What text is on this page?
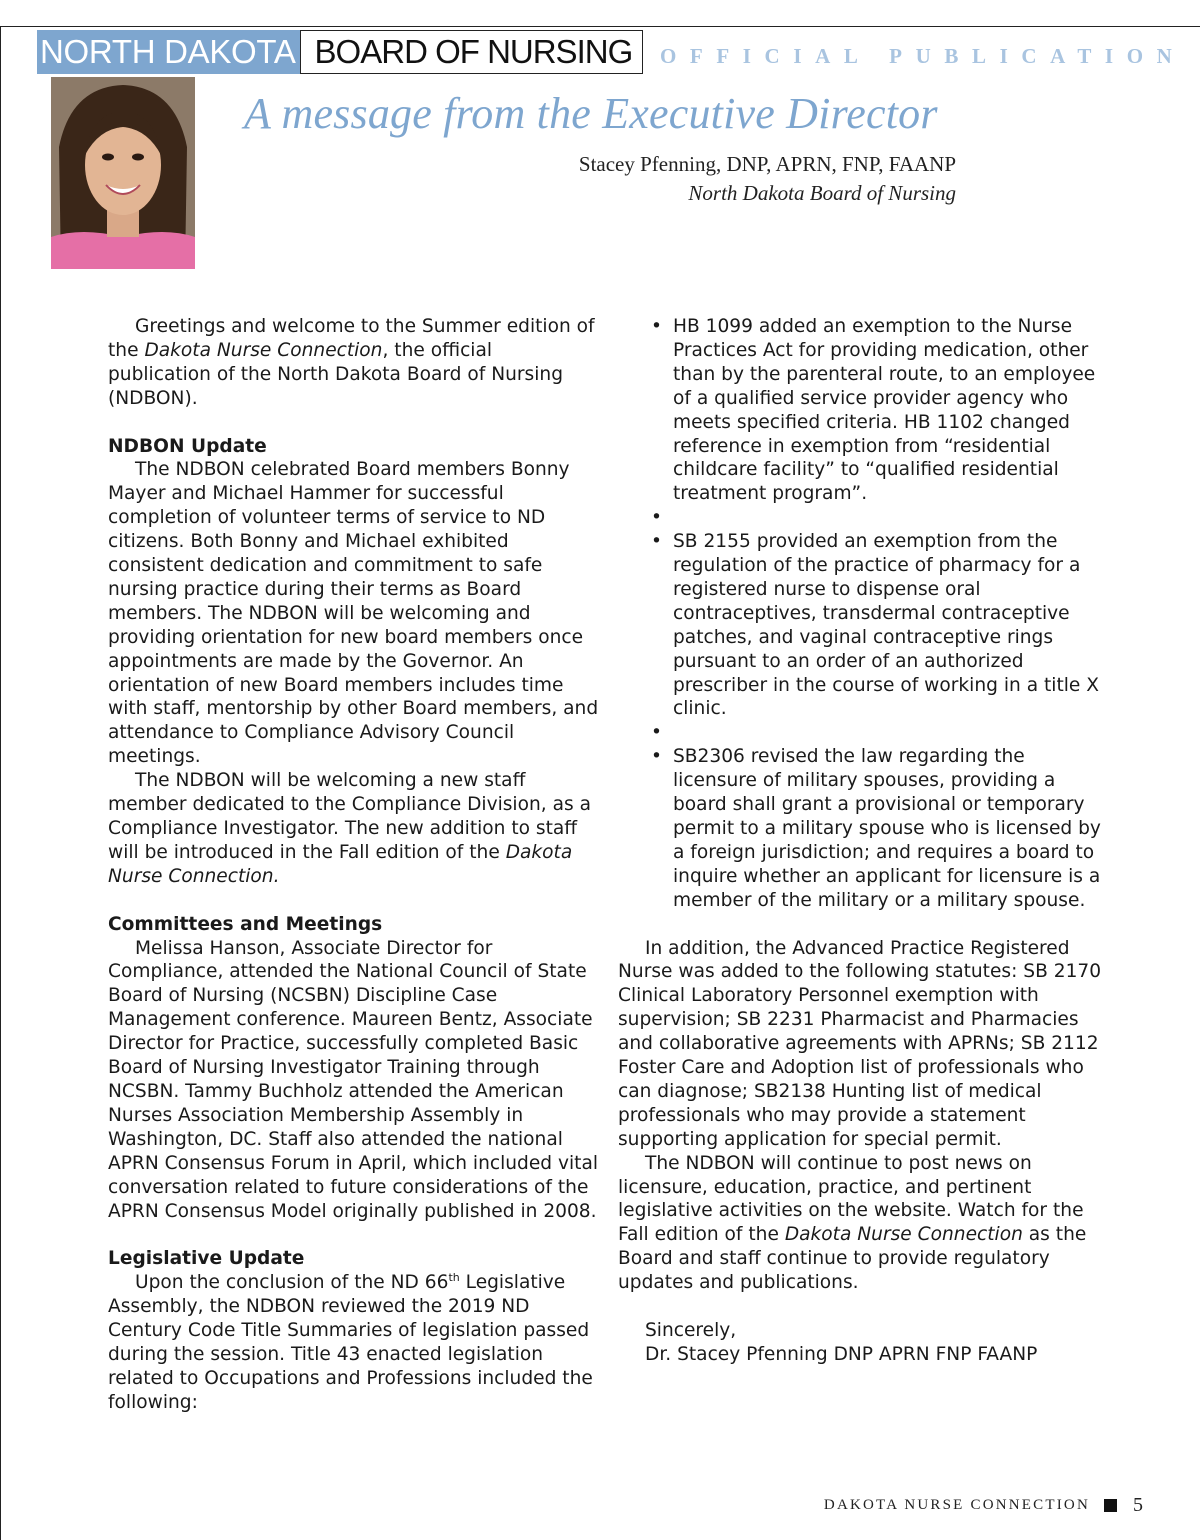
NORTH DAKOTA BOARD OF NURSING	OFFICIAL PUBLICATION
A message from the Executive Director
Stacey Pfenning, DNP, APRN, FNP, FAANP
North Dakota Board of Nursing

Greetings and welcome to the Summer edition of the Dakota Nurse Connection, the official publication of the North Dakota Board of Nursing (NDBON).

NDBON Update

The NDBON celebrated Board members Bonny Mayer and Michael Hammer for successful completion of volunteer terms of service to ND citizens. Both Bonny and Michael exhibited consistent dedication and commitment to safe nursing practice during their terms as Board members. The NDBON will be welcoming and providing orientation for new board members once appointments are made by the Governor. An orientation of new Board members includes time with staff, mentorship by other Board members, and attendance to Compliance Advisory Council meetings.

The NDBON will be welcoming a new staff member dedicated to the Compliance Division, as a Compliance Investigator. The new addition to staff will be introduced in the Fall edition of the Dakota Nurse Connection.

Committees and Meetings

Melissa Hanson, Associate Director for Compliance, attended the National Council of State Board of Nursing (NCSBN) Discipline Case Management conference. Maureen Bentz, Associate Director for Practice, successfully completed Basic Board of Nursing Investigator Training through NCSBN. Tammy Buchholz attended the American Nurses Association Membership Assembly in Washington, DC. Staff also attended the national APRN Consensus Forum in April, which included vital conversation related to future considerations of the APRN Consensus Model originally published in 2008.

Legislative Update

Upon the conclusion of the ND 66th Legislative Assembly, the NDBON reviewed the 2019 ND Century Code Title Summaries of legislation passed during the session. Title 43 enacted legislation related to Occupations and Professions included the following:

• HB 1099 added an exemption to the Nurse Practices Act for providing medication, other than by the parenteral route, to an employee of a qualified service provider agency who meets specified criteria. HB 1102 changed reference in exemption from “residential childcare facility” to “qualified residential treatment program”.
•
• SB 2155 provided an exemption from the regulation of the practice of pharmacy for a registered nurse to dispense oral contraceptives, transdermal contraceptive patches, and vaginal contraceptive rings pursuant to an order of an authorized prescriber in the course of working in a title X clinic.
•
• SB2306 revised the law regarding the licensure of military spouses, providing a board shall grant a provisional or temporary permit to a military spouse who is licensed by a foreign jurisdiction; and requires a board to inquire whether an applicant for licensure is a member of the military or a military spouse.

In addition, the Advanced Practice Registered Nurse was added to the following statutes: SB 2170 Clinical Laboratory Personnel exemption with supervision; SB 2231 Pharmacist and Pharmacies and collaborative agreements with APRNs; SB 2112 Foster Care and Adoption list of professionals who can diagnose; SB2138 Hunting list of medical professionals who may provide a statement supporting application for special permit.

The NDBON will continue to post news on licensure, education, practice, and pertinent legislative activities on the website. Watch for the Fall edition of the Dakota Nurse Connection as the Board and staff continue to provide regulatory updates and publications.

Sincerely,

Dr. Stacey Pfenning DNP APRN FNP FAANP

DAKOTA NURSE CONNECTION 5
